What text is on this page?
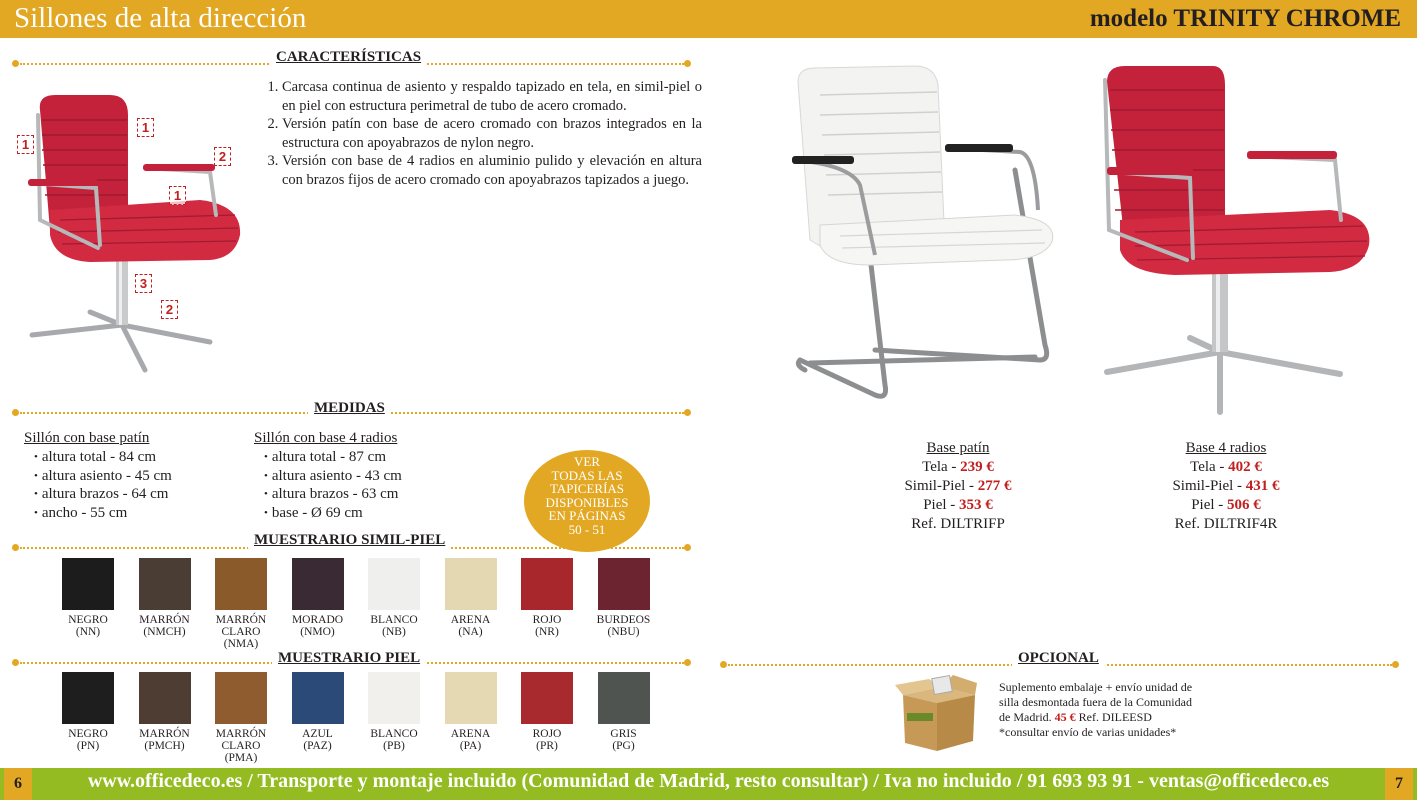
Sillones de alta dirección	modelo TRINITY CHROME
CARACTERÍSTICAS
1
1
2
1
3
2
1. Carcasa continua de asiento y respaldo tapizado en tela, en simil-piel o en piel con estructura perimetral de tubo de acero cromado.
2. Versión patín con base de acero cromado con brazos integrados en la estructura con apoyabrazos de nylon negro.
3. Versión con base de 4 radios en aluminio pulido y elevación en altura con brazos fijos de acero cromado con apoyabrazos tapizados a juego.
Base patín
Tela - 239 €
Simil-Piel - 277 €
Piel - 353 €
Ref. DILTRIFP
Base 4 radios
Tela - 402 €
Simil-Piel - 431 €
Piel - 506 €
Ref. DILTRIF4R
MEDIDAS
Sillón con base patín
• altura total - 84 cm
• altura asiento - 45 cm
• altura brazos - 64 cm
• ancho - 55 cm
Sillón con base 4 radios
• altura total - 87 cm
• altura asiento - 43 cm
• altura brazos - 63 cm
• base - Ø 69 cm
MUESTRARIO SIMIL-PIEL
VER
TODAS LAS
TAPICERÍAS
DISPONIBLES
EN PÁGINAS
50 - 51
NEGRO
(NN)
MARRÓN
(NMCH)
MARRÓN CLARO
(NMA)
MORADO
(NMO)
BLANCO
(NB)
ARENA
(NA)
ROJO
(NR)
BURDEOS
(NBU)
MUESTRARIO PIEL
NEGRO
(PN)
MARRÓN
(PMCH)
MARRÓN CLARO
(PMA)
AZUL
(PAZ)
BLANCO
(PB)
ARENA
(PA)
ROJO
(PR)
GRIS
(PG)
OPCIONAL
Suplemento embalaje + envío unidad de
silla desmontada fuera de la Comunidad
de Madrid. 45 € Ref. DILEESD
*consultar envío de varias unidades*
www.officedeco.es / Transporte y montaje incluido (Comunidad de Madrid, resto consultar) / Iva no incluido / 91 693 93 91 - ventas@officedeco.es
6	7
